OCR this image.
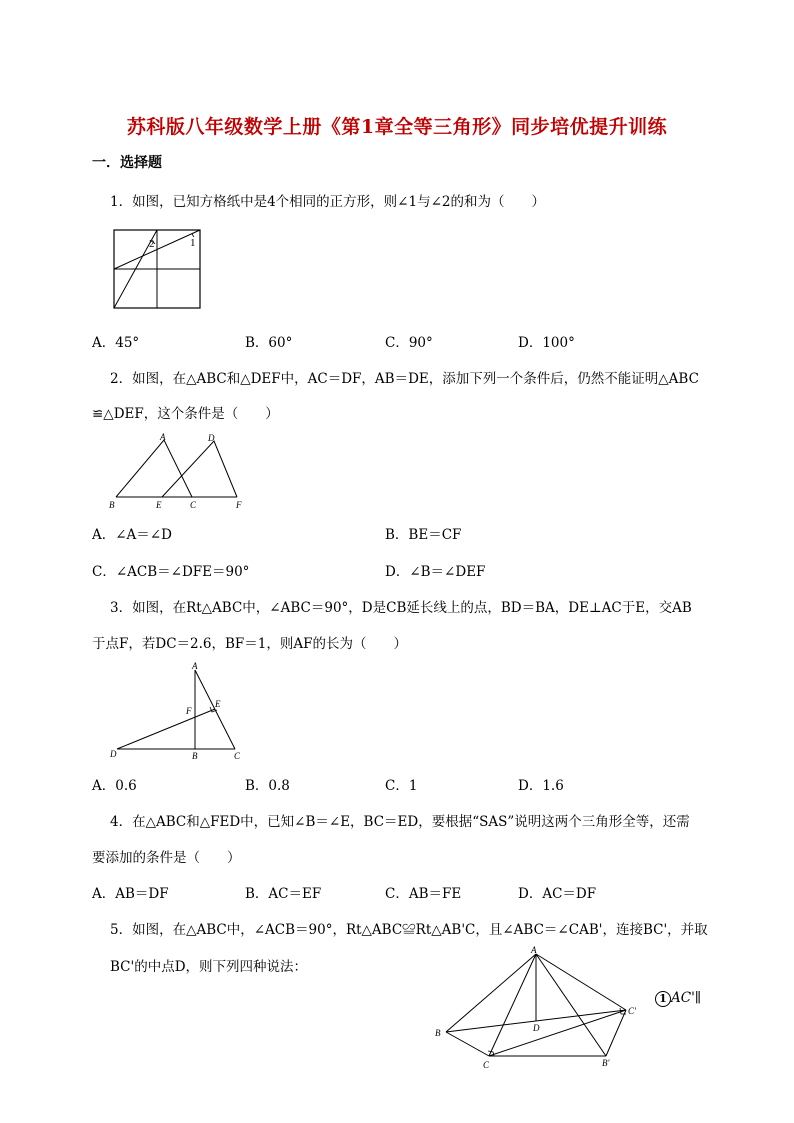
苏科版八年级数学上册《第1章全等三角形》同步培优提升训练
一．选择题
1．如图，已知方格纸中是4个相同的正方形，则∠1与∠2的和为（　　）
2	1
A．45°	B．60°	C．90°	D．100°
2．如图，在△ABC和△DEF中，AC＝DF，AB＝DE，添加下列一个条件后，仍然不能证明△ABC
≌△DEF，这个条件是（　　）
A	D
B	E	C	F
A．∠A＝∠D	B．BE＝CF
C．∠ACB＝∠DFE＝90°	D．∠B＝∠DEF
3．如图，在Rt△ABC中，∠ABC＝90°，D是CB延长线上的点，BD＝BA，DE⊥AC于E，交AB
于点F，若DC＝2.6，BF＝1，则AF的长为（　　）
A
E
F
D	B	C
A．0.6	B．0.8	C．1	D．1.6
4．在△ABC和△FED中，已知∠B＝∠E，BC＝ED，要根据“SAS”说明这两个三角形全等，还需
要添加的条件是（　　）
A．AB＝DF	B．AC＝EF	C．AB＝FE	D．AC＝DF
5．如图，在△ABC中，∠ACB＝90°，Rt△ABC≌Rt△AB'C，且∠ABC＝∠CAB'，连接BC'，并取
BC'的中点D，则下列四种说法：
A
B	D
C	B'
C'
1 AC'∥
